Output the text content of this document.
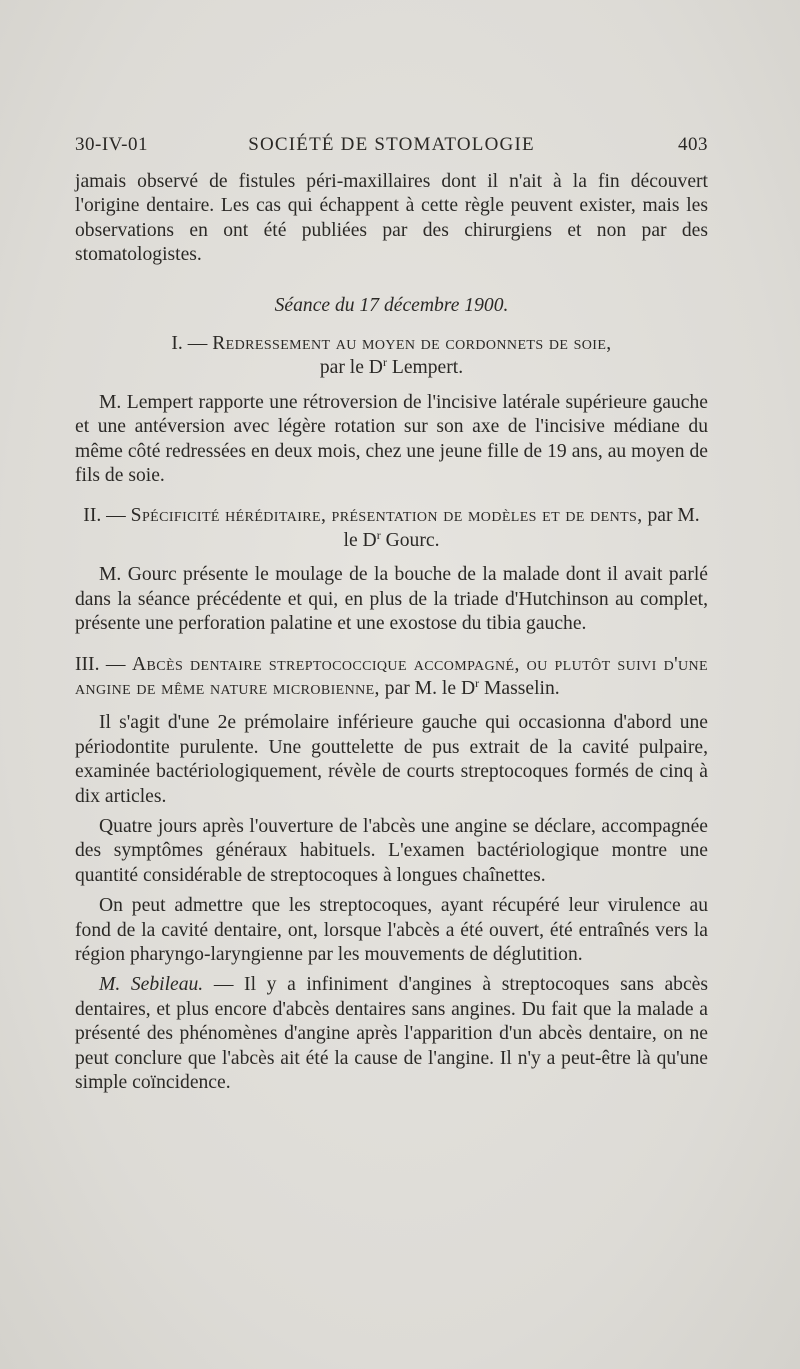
30-IV-01	SOCIÉTÉ DE STOMATOLOGIE	403

jamais observé de fistules péri-maxillaires dont il n'ait à la fin découvert l'origine dentaire. Les cas qui échappent à cette règle peuvent exister, mais les observations en ont été publiées par des chirurgiens et non par des stomatologistes.

Séance du 17 décembre 1900.

I. — Redressement au moyen de cordonnets de soie,

par le $D^r$ Lempert.

M. Lempert rapporte une rétroversion de l'incisive latérale supérieure gauche et une antéversion avec légère rotation sur son axe de l'incisive médiane du même côté redressées en deux mois, chez une jeune fille de 19 ans, au moyen de fils de soie.

II. — Spécificité héréditaire, présentation de modèles et de dents, par M. le $D^r$ Gourc.

M. Gourc présente le moulage de la bouche de la malade dont il avait parlé dans la séance précédente et qui, en plus de la triade d'Hutchinson au complet, présente une perforation palatine et une exostose du tibia gauche.

III. — Abcès dentaire streptococcique accompagné, ou plutôt suivi d'une angine de même nature microbienne, par M. le $D^r$ Masselin.

Il s'agit d'une 2e prémolaire inférieure gauche qui occasionna d'abord une périodontite purulente. Une gouttelette de pus extrait de la cavité pulpaire, examinée bactériologiquement, révèle de courts streptocoques formés de cinq à dix articles.

Quatre jours après l'ouverture de l'abcès une angine se déclare, accompagnée des symptômes généraux habituels. L'examen bactériologique montre une quantité considérable de streptocoques à longues chaînettes.

On peut admettre que les streptocoques, ayant récupéré leur virulence au fond de la cavité dentaire, ont, lorsque l'abcès a été ouvert, été entraînés vers la région pharyngo-laryngienne par les mouvements de déglutition.

M. Sebileau. — Il y a infiniment d'angines à streptocoques sans abcès dentaires, et plus encore d'abcès dentaires sans angines. Du fait que la malade a présenté des phénomènes d'angine après l'apparition d'un abcès dentaire, on ne peut conclure que l'abcès ait été la cause de l'angine. Il n'y a peut-être là qu'une simple coïncidence.
